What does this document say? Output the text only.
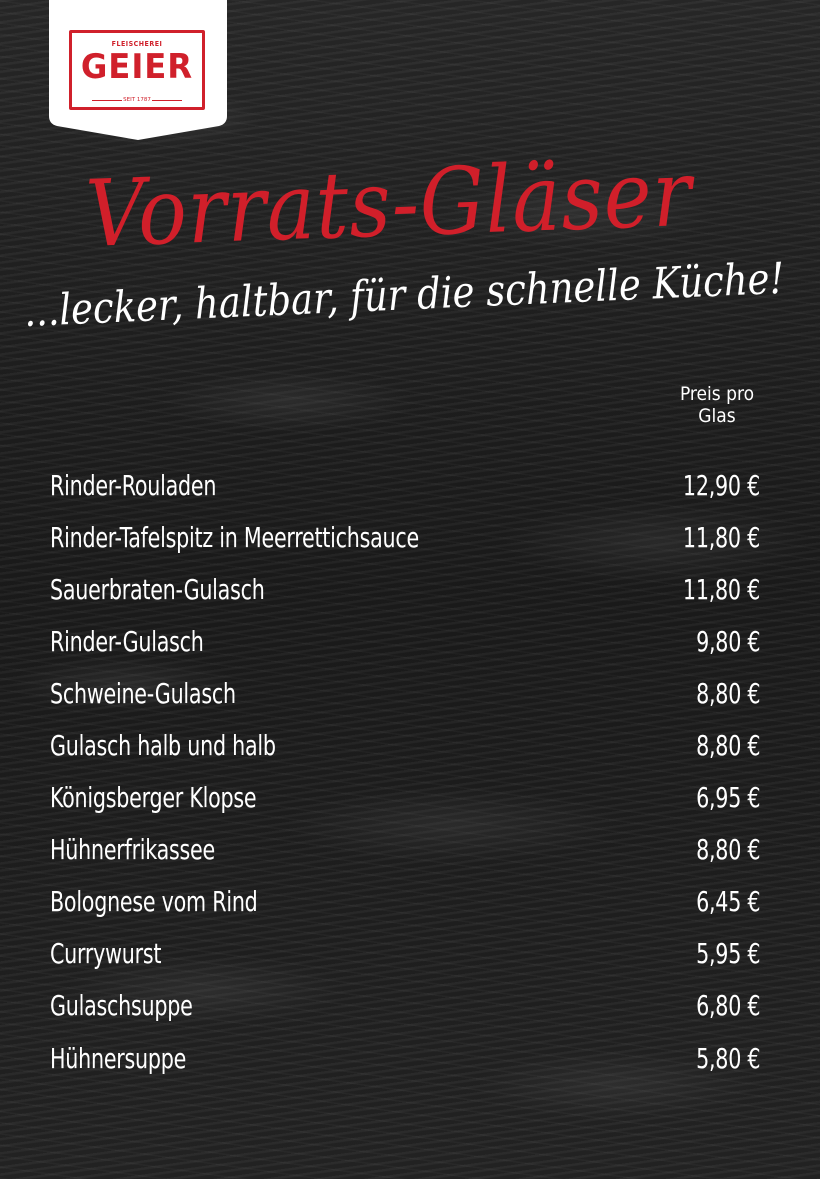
FLEISCHEREI
GEIER
SEIT 1787
Vorrats-Gläser
...lecker, haltbar, für die schnelle Küche!
Preis pro
Glas
Rinder-Rouladen	12,90 €
Rinder-Tafelspitz in Meerrettichsauce	11,80 €
Sauerbraten-Gulasch	11,80 €
Rinder-Gulasch	9,80 €
Schweine-Gulasch	8,80 €
Gulasch halb und halb	8,80 €
Königsberger Klopse	6,95 €
Hühnerfrikassee	8,80 €
Bolognese vom Rind	6,45 €
Currywurst	5,95 €
Gulaschsuppe	6,80 €
Hühnersuppe	5,80 €
